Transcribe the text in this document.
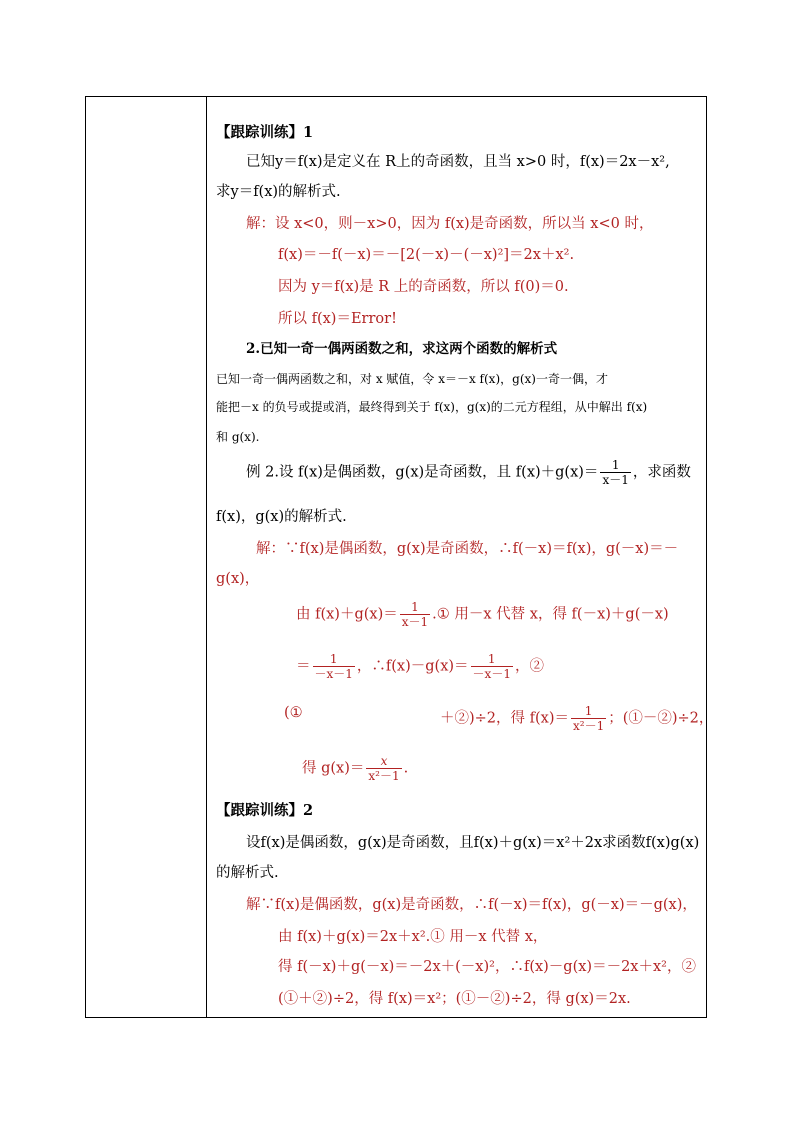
【跟踪训练】1
已知y＝f(x)是定义在 R上的奇函数，且当 x>0 时，f(x)＝2x－x²,
求y＝f(x)的解析式.
解：设 x<0，则－x>0，因为 f(x)是奇函数，所以当 x<0 时，
f(x)＝－f(－x)＝－[2(－x)－(－x)²]＝2x＋x².
因为 y＝f(x)是 R 上的奇函数，所以 f(0)＝0.
所以 f(x)＝Error!
2.已知一奇一偶两函数之和，求这两个函数的解析式
已知一奇一偶两函数之和，对 x 赋值，令 x＝－x f(x)，g(x)一奇一偶，才
能把－x 的负号或提或消，最终得到关于 f(x)，g(x)的二元方程组，从中解出 f(x)
和 g(x).
例 2.设 f(x)是偶函数，g(x)是奇函数，且 $f(x)+g(x)= \frac{1}{x-1}$ ，求函数
f(x)，g(x)的解析式.
解：∵f(x)是偶函数，g(x)是奇函数，∴f(－x)＝f(x)，g(－x)＝－
g(x)，
由 $f(x)+g(x)= \frac{1}{x-1}$ .① 用－x 代替 x，得 f(－x)＋g(－x)
＝ $\frac{1}{-x-1}$ ，∴f(x)－g(x)＝ $\frac{1}{-x-1}$ ，②
(①	＋②)÷2，得 $f(x)= \frac{1}{\text{x²－1}}$ ；(①－②)÷2，
得 $g(x)= \frac{x}{\text{x²－1}}$ .
【跟踪训练】2
设f(x)是偶函数，g(x)是奇函数，且f(x)＋g(x)＝x²＋2x求函数f(x)g(x)
的解析式.
解∵f(x)是偶函数，g(x)是奇函数，∴f(－x)＝f(x)，g(－x)＝－g(x)，
由 f(x)＋g(x)＝2x＋x².① 用－x 代替 x，
得 f(－x)＋g(－x)＝－2x＋(－x)²，∴f(x)－g(x)＝－2x＋x²，②
(①＋②)÷2，得 f(x)＝x²；(①－②)÷2，得 g(x)＝2x.
